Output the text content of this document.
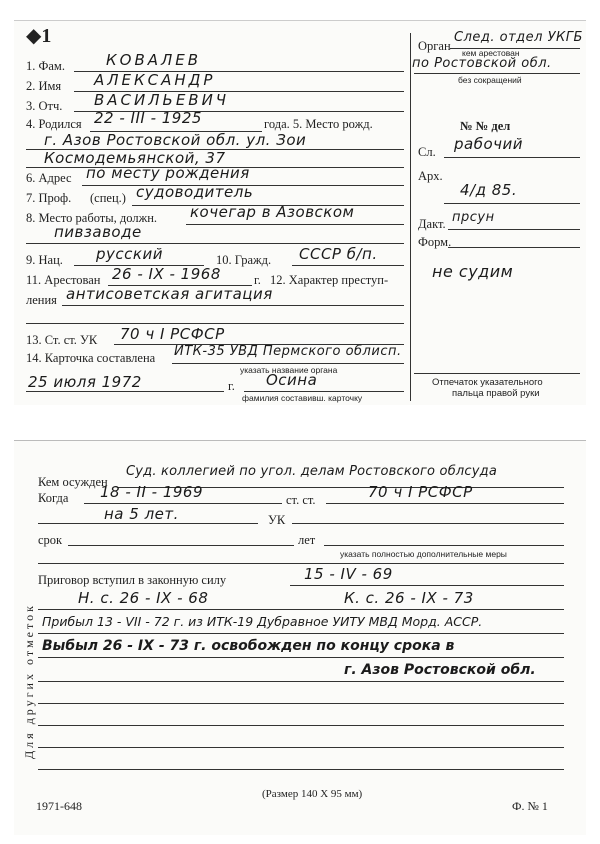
◆1
1. Фам.	КОВАЛЕВ
2. Имя АЛЕКСАНДР
3. Отч. ВАСИЛЬЕВИЧ
4. Родился 22 - III - 1925	года. 5. Место рожд.
г. Азов Ростовской обл. ул. Зои
Космодемьянской, 37
6. Адрес по месту рождения
7. Проф. (спец.) судоводитель
8. Место работы, должн. кочегар в Азовском
пивзаводе
9. Нац. русский	10. Гражд. СССР б/п.
11. Арестован 26 - IX - 1968	г. 12. Характер преступ-
ления антисоветская агитация
13. Ст. ст. УК 70 ч I РСФСР
14. Карточка составлена ИТК-35 УВД Пермского облисп.
указать название органа
25 июля 1972	г. Осина
фамилия составивш. карточку
Орган
След. отдел УКГБ
кем арестован
по Ростовской обл.
без сокращений
№ № дел
Сл. рабочий
Арх.
4/д 85.
Дакт. прсун
Форм.
не судим
Отпечаток указательного
пальца правой руки
Для других отметок
Кем осужден
Суд. коллегией по угол. делам Ростовского облсуда
Когда 18 - II - 1969	ст. ст.	70 ч I РСФСР
на 5 лет.	УК
срок	лет
указать полностью дополнительные меры
Приговор вступил в законную силу	15 - IV - 69
Н. с. 26 - IX - 68	К. с. 26 - IX - 73
Прибыл 13 - VII - 72 г. из ИТК-19 Дубравное УИТУ МВД Морд. АССР.
Выбыл 26 - IX - 73 г. освобожден по концу срока в
г. Азов Ростовской обл.
1971-648
(Размер 140 Х 95 мм)
Ф. № 1
